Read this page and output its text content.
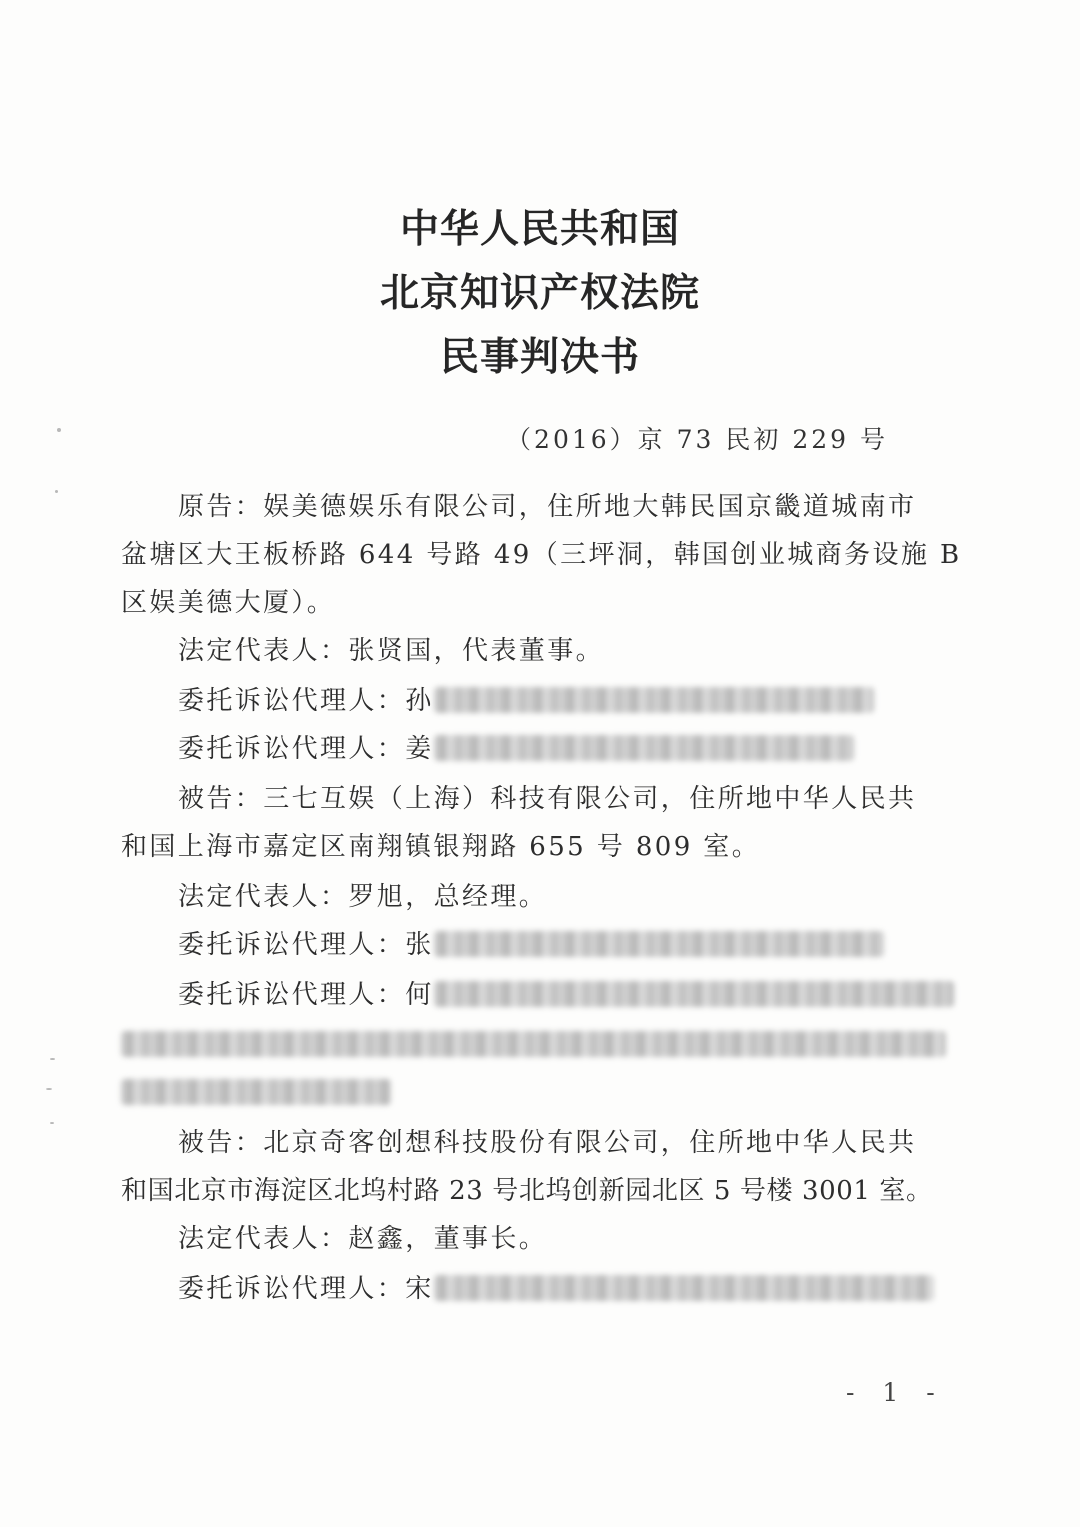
中华人民共和国
北京知识产权法院
民事判决书
（2016）京 73 民初 229 号
原告：娱美德娱乐有限公司，住所地大韩民国京畿道城南市
盆塘区大王板桥路 644 号路 49（三坪洞，韩国创业城商务设施 B
区娱美德大厦）。
法定代表人：张贤国，代表董事。
委托诉讼代理人：孙
委托诉讼代理人：姜
被告：三七互娱（上海）科技有限公司，住所地中华人民共
和国上海市嘉定区南翔镇银翔路 655 号 809 室。
法定代表人：罗旭，总经理。
委托诉讼代理人：张
委托诉讼代理人：何
被告：北京奇客创想科技股份有限公司，住所地中华人民共
和国北京市海淀区北坞村路 23 号北坞创新园北区 5 号楼 3001 室。
法定代表人：赵鑫，董事长。
委托诉讼代理人：宋
- 1 -
